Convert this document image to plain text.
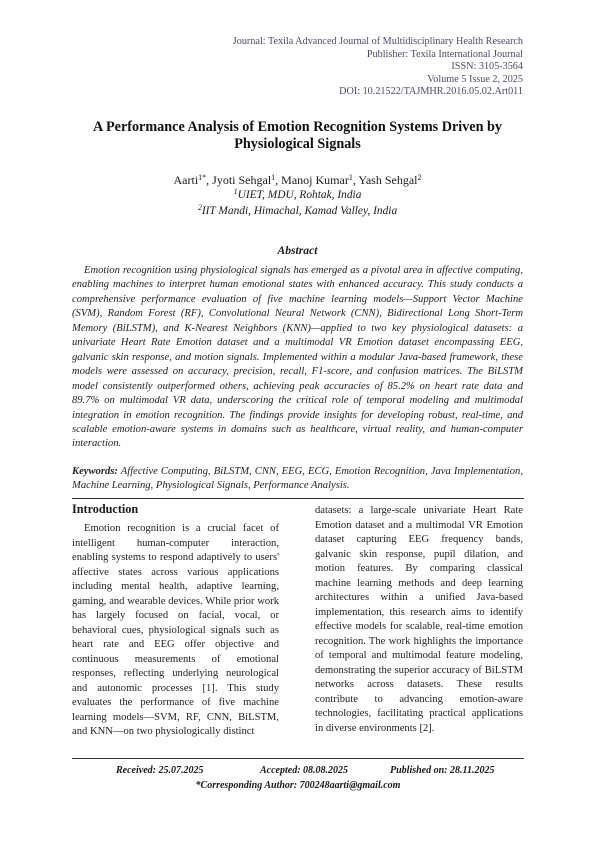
Journal: Texila Advanced Journal of Multidisciplinary Health Research
Publisher: Texila International Journal
ISSN: 3105-3564
Volume 5 Issue 2, 2025
DOI: 10.21522/TAJMHR.2016.05.02.Art011
A Performance Analysis of Emotion Recognition Systems Driven by Physiological Signals
Aarti$^{1*}$, Jyoti Sehgal$^1$, Manoj Kumar$^1$, Yash Sehgal$^2$
$^1$UIET, MDU, Rohtak, India
$^2$IIT Mandi, Himachal, Kamad Valley, India
Abstract
Emotion recognition using physiological signals has emerged as a pivotal area in affective computing, enabling machines to interpret human emotional states with enhanced accuracy. This study conducts a comprehensive performance evaluation of five machine learning models—Support Vector Machine (SVM), Random Forest (RF), Convolutional Neural Network (CNN), Bidirectional Long Short-Term Memory (BiLSTM), and K-Nearest Neighbors (KNN)—applied to two key physiological datasets: a univariate Heart Rate Emotion dataset and a multimodal VR Emotion dataset encompassing EEG, galvanic skin response, and motion signals. Implemented within a modular Java-based framework, these models were assessed on accuracy, precision, recall, F1-score, and confusion matrices. The BiLSTM model consistently outperformed others, achieving peak accuracies of 85.2% on heart rate data and 89.7% on multimodal VR data, underscoring the critical role of temporal modeling and multimodal integration in emotion recognition. The findings provide insights for developing robust, real-time, and scalable emotion-aware systems in domains such as healthcare, virtual reality, and human-computer interaction.
Keywords: Affective Computing, BiLSTM, CNN, EEG, ECG, Emotion Recognition, Java Implementation, Machine Learning, Physiological Signals, Performance Analysis.
Introduction
Emotion recognition is a crucial facet of intelligent human-computer interaction, enabling systems to respond adaptively to users' affective states across various applications including mental health, adaptive learning, gaming, and wearable devices. While prior work has largely focused on facial, vocal, or behavioral cues, physiological signals such as heart rate and EEG offer objective and continuous measurements of emotional responses, reflecting underlying neurological and autonomic processes [1]. This study evaluates the performance of five machine learning models—SVM, RF, CNN, BiLSTM, and KNN—on two physiologically distinct
datasets: a large-scale univariate Heart Rate Emotion dataset and a multimodal VR Emotion dataset capturing EEG frequency bands, galvanic skin response, pupil dilation, and motion features. By comparing classical machine learning methods and deep learning architectures within a unified Java-based implementation, this research aims to identify effective models for scalable, real-time emotion recognition. The work highlights the importance of temporal and multimodal feature modeling, demonstrating the superior accuracy of BiLSTM networks across datasets. These results contribute to advancing emotion-aware technologies, facilitating practical applications in diverse environments [2].
Received: 25.07.2025	Accepted: 08.08.2025	Published on: 28.11.2025
*Corresponding Author: 700248aarti@gmail.com
